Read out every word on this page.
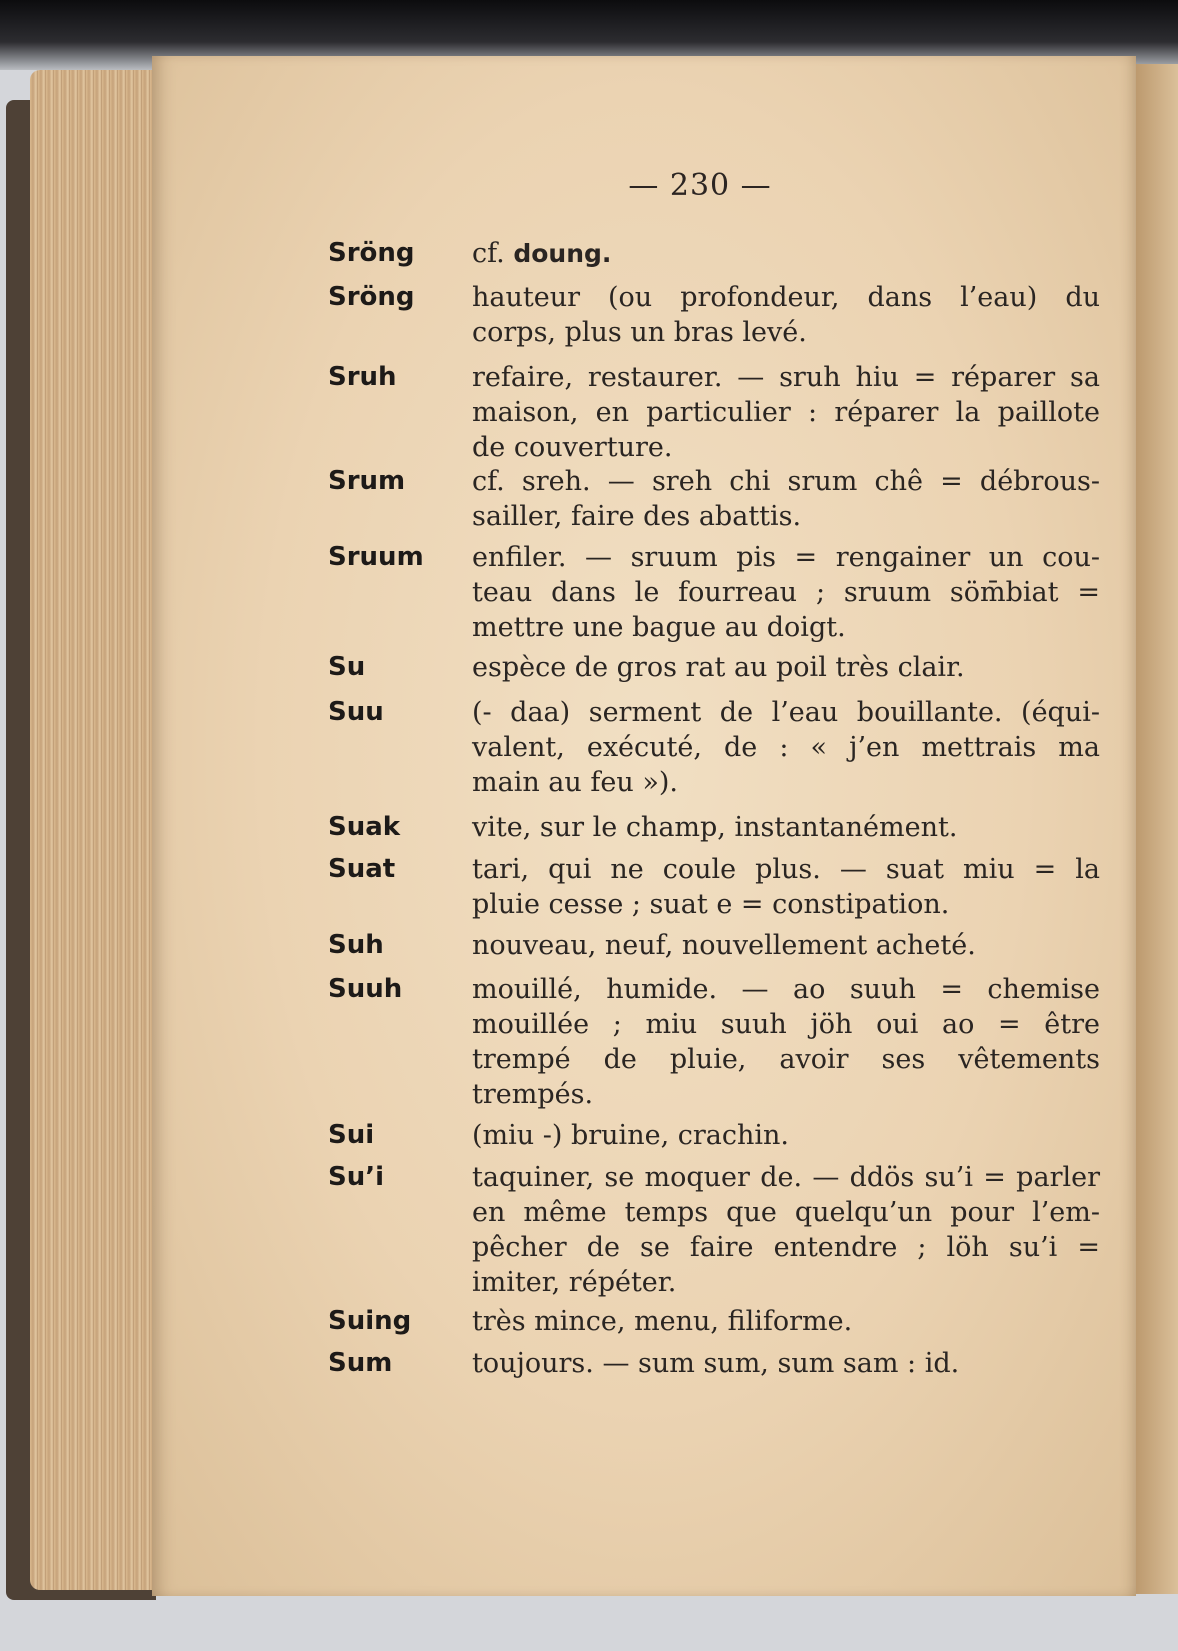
— 230 —
Sröng cf. doung.
Sröng hauteur (ou profondeur, dans l’eau) du
corps, plus un bras levé.
Sruh	refaire, restaurer. — sruh hiu = réparer sa
maison, en particulier : réparer la paillote
de couverture.
Srum cf. sreh. — sreh chi srum chê = débrous-
sailler, faire des abattis.
Sruum enfiler. — sruum pis = rengainer un cou-
teau dans le fourreau ; sruum söm̄biat =
mettre une bague au doigt.
Su	espèce de gros rat au poil très clair.
Suu	(- daa) serment de l’eau bouillante. (équi-
valent, exécuté, de : « j’en mettrais ma
main au feu »).
Suak	vite, sur le champ, instantanément.
Suat	tari, qui ne coule plus. — suat miu = la
pluie cesse ; suat e = constipation.
Suh	nouveau, neuf, nouvellement acheté.
Suuh	mouillé, humide. — ao suuh = chemise
mouillée ; miu suuh jöh oui ao = être
trempé de pluie, avoir ses vêtements
trempés.
Sui	(miu -) bruine, crachin.
Su’i	taquiner, se moquer de. — ddös su’i = parler
en même temps que quelqu’un pour l’em-
pêcher de se faire entendre ; löh su’i =
imiter, répéter.
Suing très mince, menu, filiforme.
Sum	toujours. — sum sum, sum sam : id.
